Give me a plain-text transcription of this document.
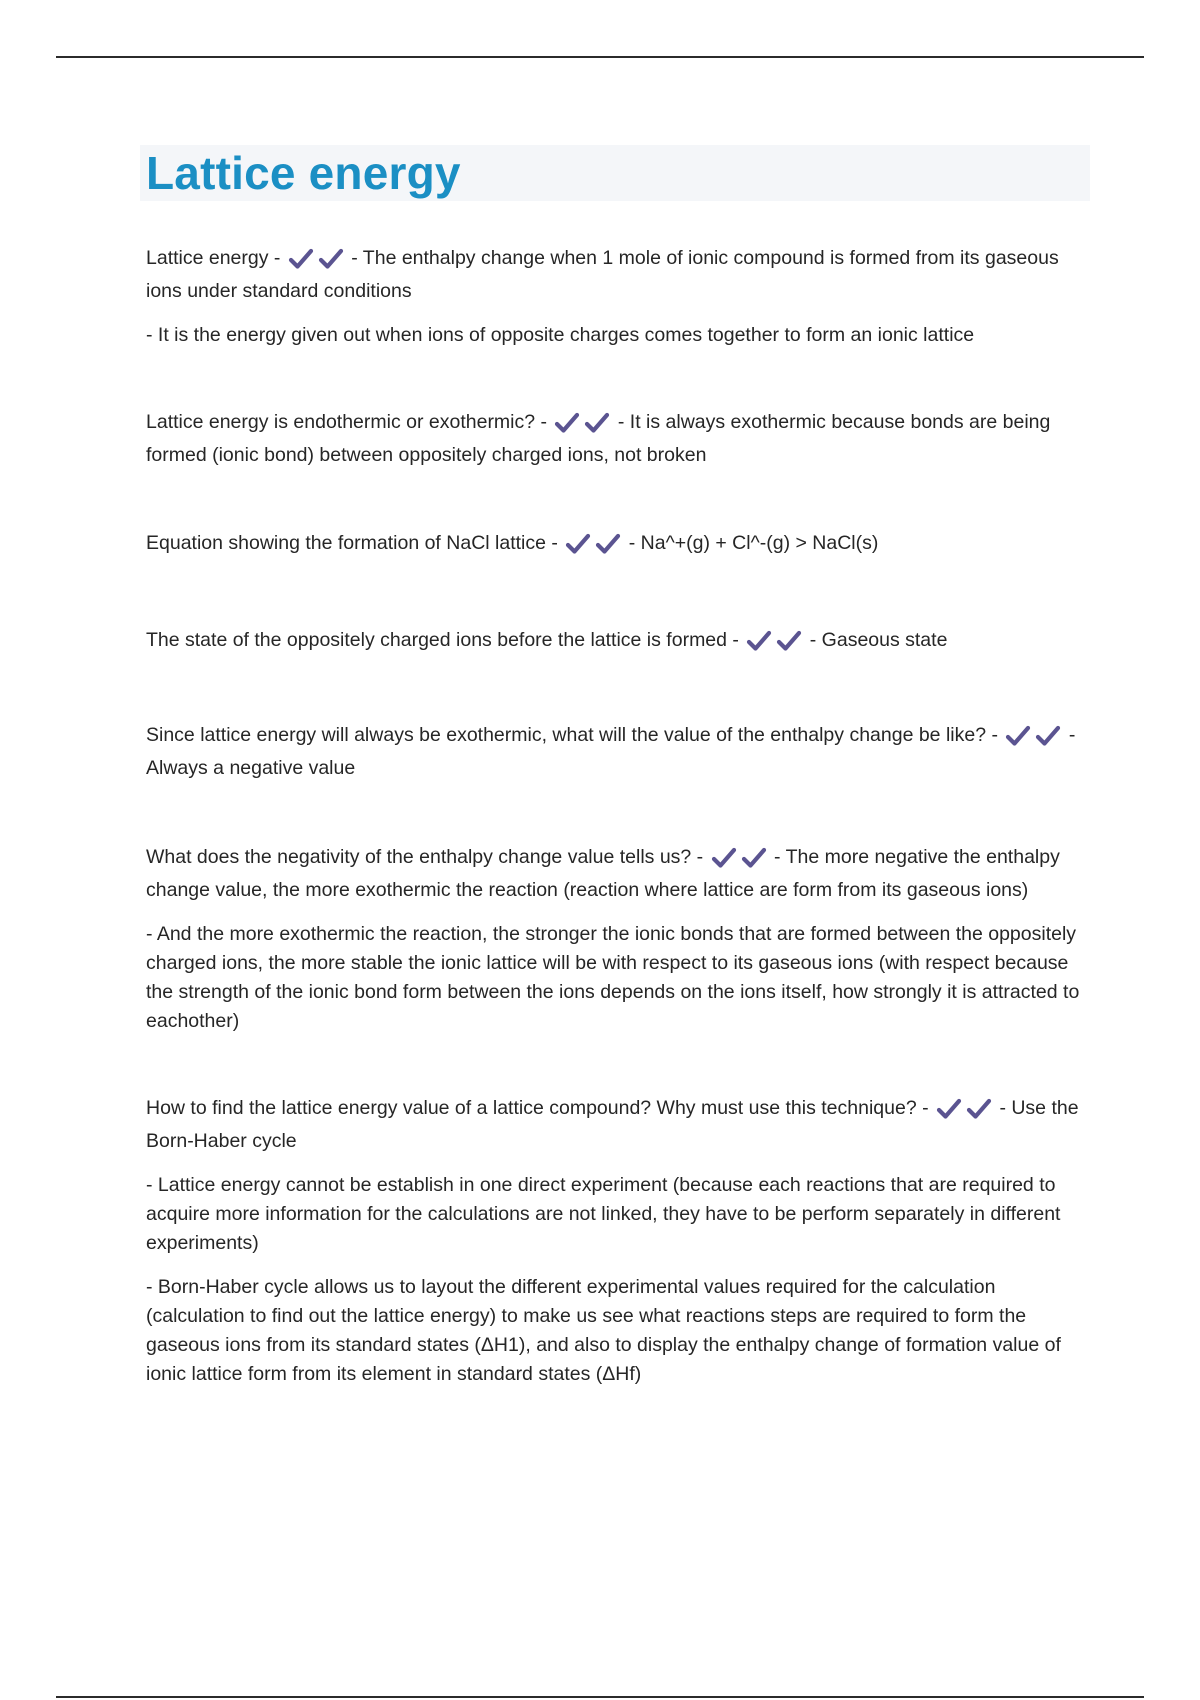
Lattice energy

Lattice energy -	- The enthalpy change when 1 mole of ionic compound is formed from its gaseous ions under standard conditions

- It is the energy given out when ions of opposite charges comes together to form an ionic lattice

Lattice energy is endothermic or exothermic? -	- It is always exothermic because bonds are being formed (ionic bond) between oppositely charged ions, not broken

Equation showing the formation of NaCl lattice -	- Na^+(g) + Cl^-(g) > NaCl(s)

The state of the oppositely charged ions before the lattice is formed -	- Gaseous state

Since lattice energy will always be exothermic, what will the value of the enthalpy change be like? -	- Always a negative value

What does the negativity of the enthalpy change value tells us? -	- The more negative the enthalpy change value, the more exothermic the reaction (reaction where lattice are form from its gaseous ions)

- And the more exothermic the reaction, the stronger the ionic bonds that are formed between the oppositely charged ions, the more stable the ionic lattice will be with respect to its gaseous ions (with respect because the strength of the ionic bond form between the ions depends on the ions itself, how strongly it is attracted to eachother)

How to find the lattice energy value of a lattice compound? Why must use this technique? -	- Use the Born-Haber cycle

- Lattice energy cannot be establish in one direct experiment (because each reactions that are required to acquire more information for the calculations are not linked, they have to be perform separately in different experiments)

- Born-Haber cycle allows us to layout the different experimental values required for the calculation (calculation to find out the lattice energy) to make us see what reactions steps are required to form the gaseous ions from its standard states (ΔH1), and also to display the enthalpy change of formation value of ionic lattice form from its element in standard states (ΔHf)
